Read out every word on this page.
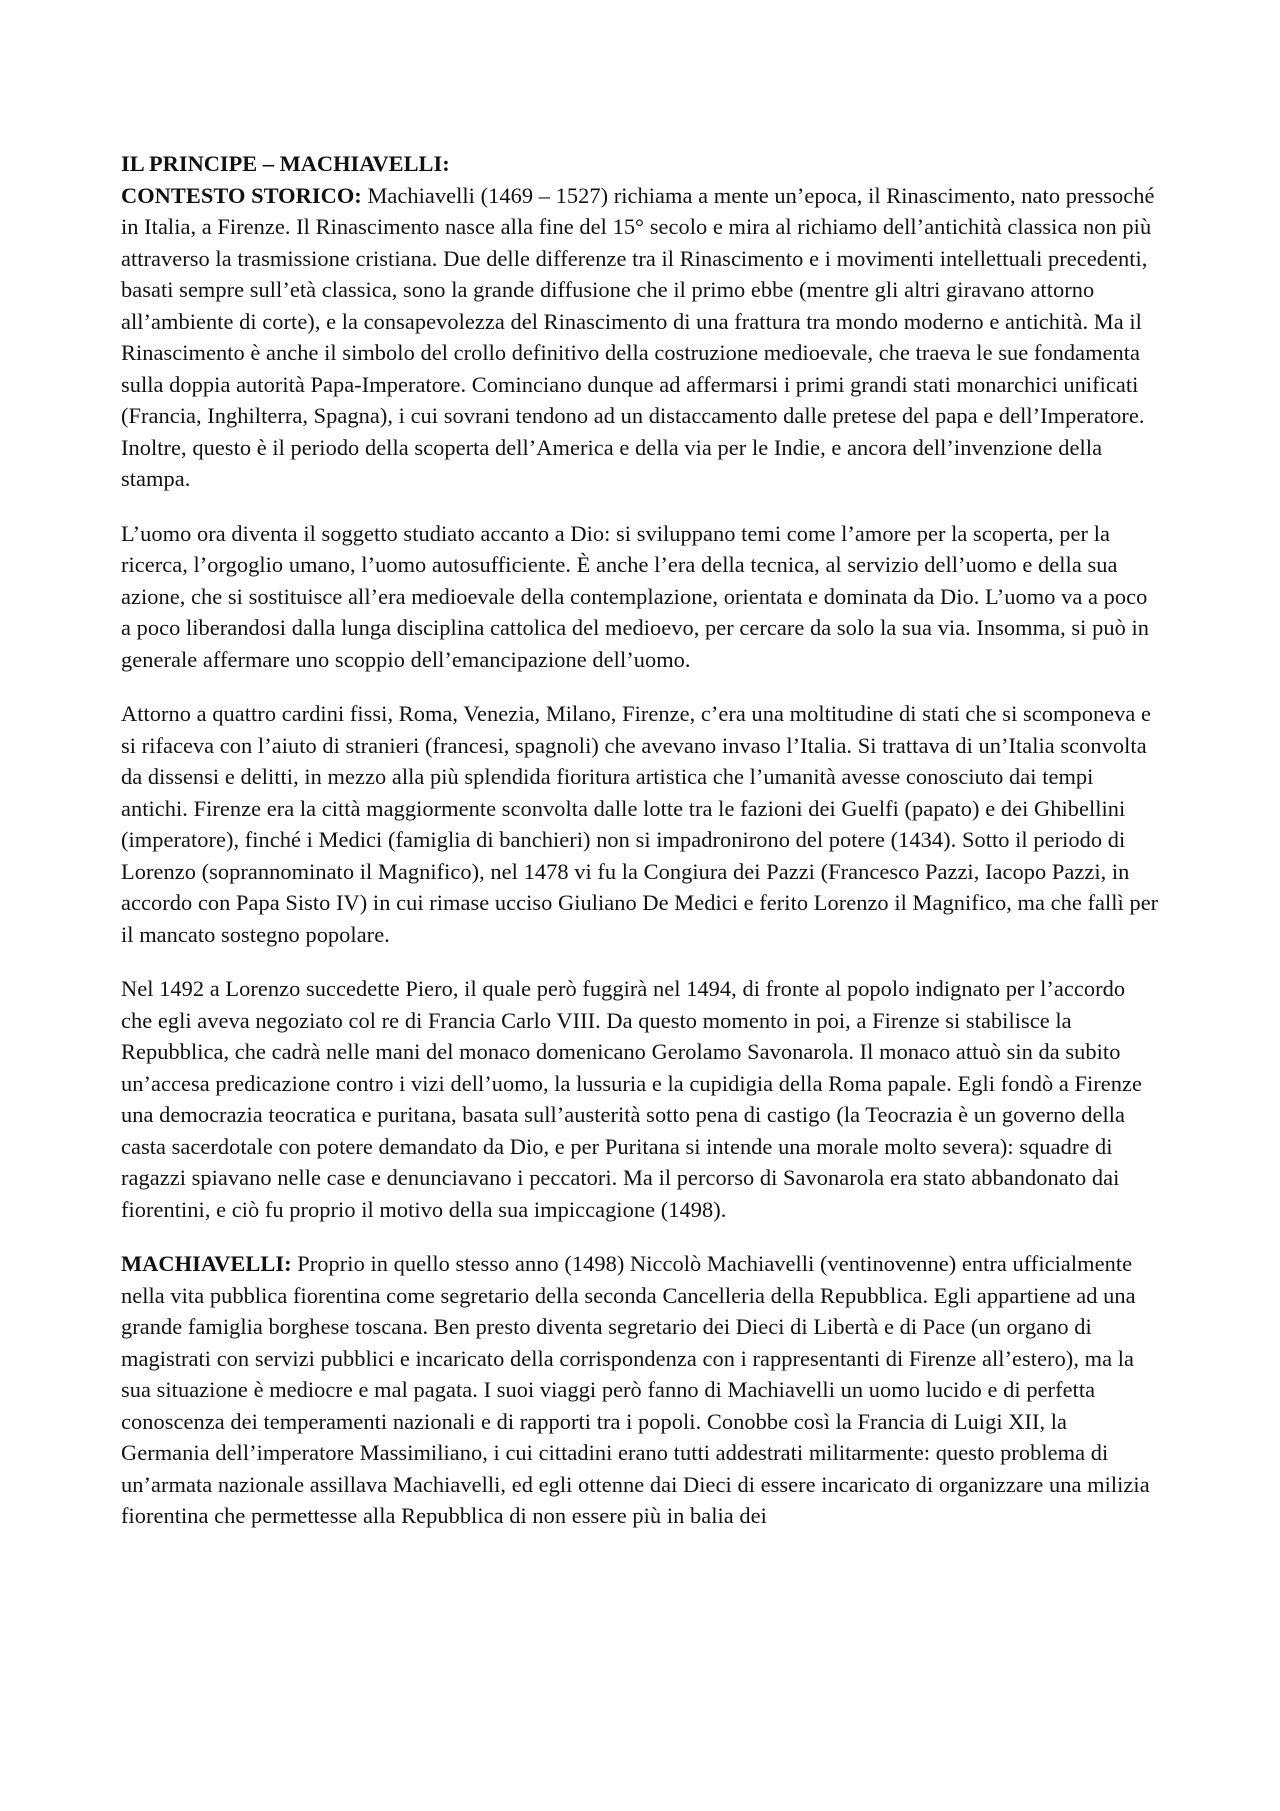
IL PRINCIPE – MACHIAVELLI:

CONTESTO STORICO: Machiavelli (1469 – 1527) richiama a mente un’epoca, il Rinascimento, nato pressoché in Italia, a Firenze. Il Rinascimento nasce alla fine del 15° secolo e mira al richiamo dell’antichità classica non più attraverso la trasmissione cristiana. Due delle differenze tra il Rinascimento e i movimenti intellettuali precedenti, basati sempre sull’età classica, sono la grande diffusione che il primo ebbe (mentre gli altri giravano attorno all’ambiente di corte), e la consapevolezza del Rinascimento di una frattura tra mondo moderno e antichità. Ma il Rinascimento è anche il simbolo del crollo definitivo della costruzione medioevale, che traeva le sue fondamenta sulla doppia autorità Papa-Imperatore. Cominciano dunque ad affermarsi i primi grandi stati monarchici unificati (Francia, Inghilterra, Spagna), i cui sovrani tendono ad un distaccamento dalle pretese del papa e dell’Imperatore. Inoltre, questo è il periodo della scoperta dell’America e della via per le Indie, e ancora dell’invenzione della stampa.

L’uomo ora diventa il soggetto studiato accanto a Dio: si sviluppano temi come l’amore per la scoperta, per la ricerca, l’orgoglio umano, l’uomo autosufficiente. È anche l’era della tecnica, al servizio dell’uomo e della sua azione, che si sostituisce all’era medioevale della contemplazione, orientata e dominata da Dio. L’uomo va a poco a poco liberandosi dalla lunga disciplina cattolica del medioevo, per cercare da solo la sua via. Insomma, si può in generale affermare uno scoppio dell’emancipazione dell’uomo.

Attorno a quattro cardini fissi, Roma, Venezia, Milano, Firenze, c’era una moltitudine di stati che si scomponeva e si rifaceva con l’aiuto di stranieri (francesi, spagnoli) che avevano invaso l’Italia. Si trattava di un’Italia sconvolta da dissensi e delitti, in mezzo alla più splendida fioritura artistica che l’umanità avesse conosciuto dai tempi antichi. Firenze era la città maggiormente sconvolta dalle lotte tra le fazioni dei Guelfi (papato) e dei Ghibellini (imperatore), finché i Medici (famiglia di banchieri) non si impadronirono del potere (1434). Sotto il periodo di Lorenzo (soprannominato il Magnifico), nel 1478 vi fu la Congiura dei Pazzi (Francesco Pazzi, Iacopo Pazzi, in accordo con Papa Sisto IV) in cui rimase ucciso Giuliano De Medici e ferito Lorenzo il Magnifico, ma che fallì per il mancato sostegno popolare.

Nel 1492 a Lorenzo succedette Piero, il quale però fuggirà nel 1494, di fronte al popolo indignato per l’accordo che egli aveva negoziato col re di Francia Carlo VIII. Da questo momento in poi, a Firenze si stabilisce la Repubblica, che cadrà nelle mani del monaco domenicano Gerolamo Savonarola. Il monaco attuò sin da subito un’accesa predicazione contro i vizi dell’uomo, la lussuria e la cupidigia della Roma papale. Egli fondò a Firenze una democrazia teocratica e puritana, basata sull’austerità sotto pena di castigo (la Teocrazia è un governo della casta sacerdotale con potere demandato da Dio, e per Puritana si intende una morale molto severa): squadre di ragazzi spiavano nelle case e denunciavano i peccatori. Ma il percorso di Savonarola era stato abbandonato dai fiorentini, e ciò fu proprio il motivo della sua impiccagione (1498).

MACHIAVELLI: Proprio in quello stesso anno (1498) Niccolò Machiavelli (ventinovenne) entra ufficialmente nella vita pubblica fiorentina come segretario della seconda Cancelleria della Repubblica. Egli appartiene ad una grande famiglia borghese toscana. Ben presto diventa segretario dei Dieci di Libertà e di Pace (un organo di magistrati con servizi pubblici e incaricato della corrispondenza con i rappresentanti di Firenze all’estero), ma la sua situazione è mediocre e mal pagata. I suoi viaggi però fanno di Machiavelli un uomo lucido e di perfetta conoscenza dei temperamenti nazionali e di rapporti tra i popoli. Conobbe così la Francia di Luigi XII, la Germania dell’imperatore Massimiliano, i cui cittadini erano tutti addestrati militarmente: questo problema di un’armata nazionale assillava Machiavelli, ed egli ottenne dai Dieci di essere incaricato di organizzare una milizia fiorentina che permettesse alla Repubblica di non essere più in balia dei
